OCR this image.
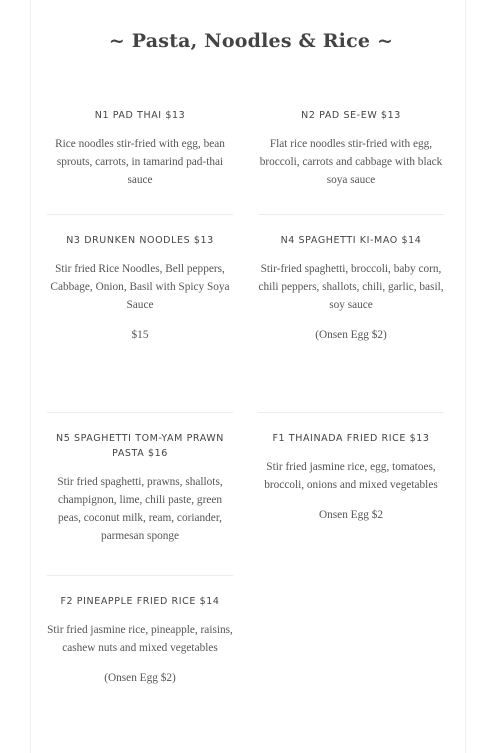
~ Pasta, Noodles & Rice ~
N1 PAD THAI $13
Rice noodles stir-fried with egg, bean sprouts, carrots, in tamarind pad-thai sauce
N2 PAD SE-EW $13
Flat rice noodles stir-fried with egg, broccoli, carrots and cabbage with black soya sauce
N3 DRUNKEN NOODLES $13
Stir fried Rice Noodles, Bell peppers, Cabbage, Onion, Basil with Spicy Soya Sauce
$15
N4 SPAGHETTI KI-MAO $14
Stir-fried spaghetti, broccoli, baby corn, chili peppers, shallots, chili, garlic, basil, soy sauce
(Onsen Egg $2)
N5 SPAGHETTI TOM-YAM PRAWN PASTA $16
Stir fried spaghetti, prawns, shallots, champignon, lime, chili paste, green peas, coconut milk, ream, coriander, parmesan sponge
F1 THAINADA FRIED RICE $13
Stir fried jasmine rice, egg, tomatoes, broccoli, onions and mixed vegetables
Onsen Egg $2
F2 PINEAPPLE FRIED RICE $14
Stir fried jasmine rice, pineapple, raisins, cashew nuts and mixed vegetables
(Onsen Egg $2)
